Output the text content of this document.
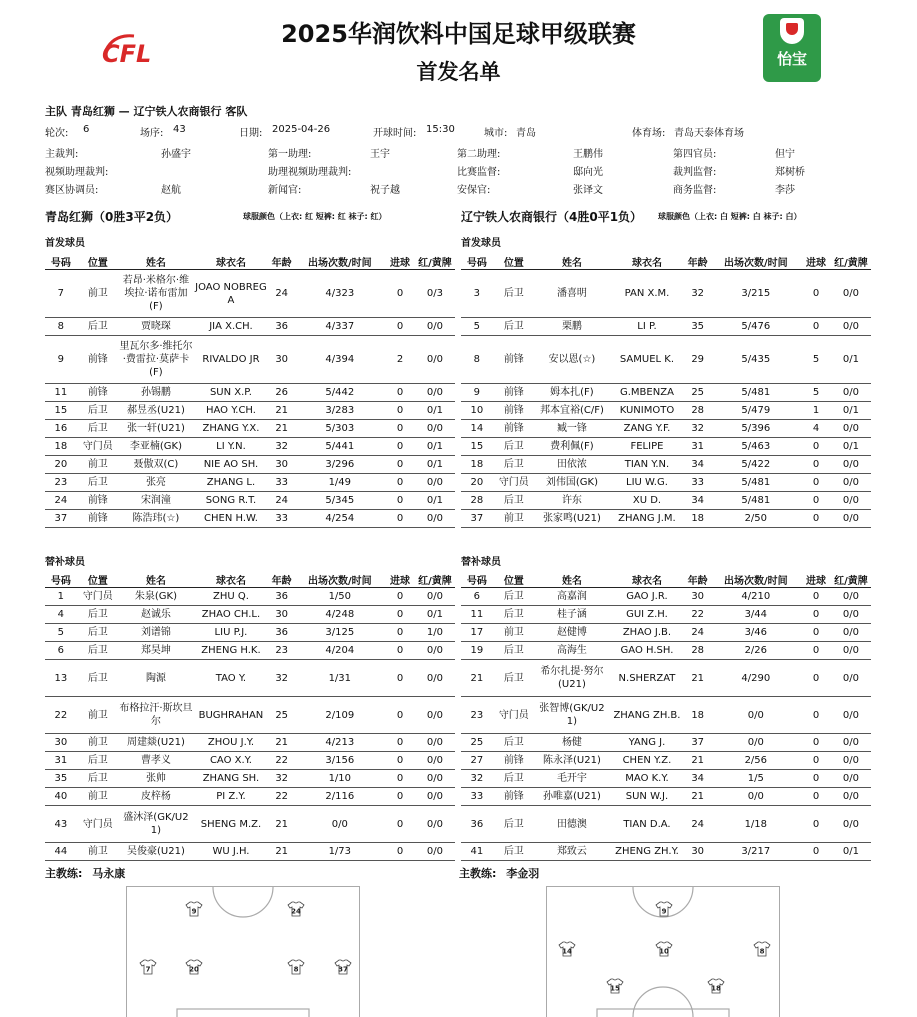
2025华润饮料中国足球甲级联赛
首发名单
CFL	怡宝
主队 青岛红狮 — 辽宁铁人农商银行 客队
轮次: 6	场序: 43	日期: 2025-04-26	开球时间: 15:30	城市: 青岛	体育场: 青岛天泰体育场
主裁判:	孙盛宇	第一助理:	王宇	第二助理:	王鹏伟	第四官员:	但宁
视频助理裁判:	助理视频助理裁判:	比赛监督:	邸向光	裁判监督:	郑树桥
赛区协调员:	赵航	新闻官:	祝子越	安保官:	张译文	商务监督:	李莎
青岛红狮（0胜3平2负）	球服颜色（上衣: 红 短裤: 红 袜子: 红）	辽宁铁人农商银行（4胜0平1负） 球服颜色（上衣: 白 短裤: 白 袜子: 白）
首发球员	首发球员
替补球员	替补球员
号码	位置	姓名	球衣名	年龄	出场次数/时间	进球	红/黄牌
7	前卫	若昂·米格尔·维埃拉·诺布雷加(F)	JOAO NOBREGA	24	4/323	0	0/3
8	后卫	贾晓琛	JIA X.CH.	36	4/337	0	0/0
9	前锋	里瓦尔多·维托尔·费雷拉·莫萨卡(F)	RIVALDO JR	30	4/394	2	0/0
11	前锋	孙锡鹏	SUN X.P.	26	5/442	0	0/0
15	后卫	郝昱丞(U21)	HAO Y.CH.	21	3/283	0	0/1
16	后卫	张一轩(U21)	ZHANG Y.X.	21	5/303	0	0/0
18	守门员	李亚楠(GK)	LI Y.N.	32	5/441	0	0/1
20	前卫	聂傲双(C)	NIE AO SH.	30	3/296	0	0/1
23	后卫	张亮	ZHANG L.	33	1/49	0	0/0
24	前锋	宋润潼	SONG R.T.	24	5/345	0	0/1
37	前锋	陈浩玮(☆)	CHEN H.W.	33	4/254	0	0/0
号码	位置	姓名	球衣名	年龄	出场次数/时间	进球	红/黄牌
3	后卫	潘喜明	PAN X.M.	32	3/215	0	0/0
5	后卫	栗鹏	LI P.	35	5/476	0	0/0
8	前锋	安以恩(☆)	SAMUEL K.	29	5/435	5	0/1
9	前锋	姆本扎(F)	G.MBENZA	25	5/481	5	0/0
10	前锋	邦本宜裕(C/F)	KUNIMOTO	28	5/479	1	0/1
14	前锋	臧一锋	ZANG Y.F.	32	5/396	4	0/0
15	后卫	费利佩(F)	FELIPE	31	5/463	0	0/1
18	后卫	田依浓	TIAN Y.N.	34	5/422	0	0/0
20	守门员	刘伟国(GK)	LIU W.G.	33	5/481	0	0/0
28	后卫	许东	XU D.	34	5/481	0	0/0
37	前卫	张家鸣(U21)	ZHANG J.M.	18	2/50	0	0/0
号码	位置	姓名	球衣名	年龄	出场次数/时间	进球	红/黄牌
1	守门员	朱泉(GK)	ZHU Q.	36	1/50	0	0/0
4	后卫	赵诚乐	ZHAO CH.L.	30	4/248	0	0/1
5	后卫	刘谱锦	LIU P.J.	36	3/125	0	1/0
6	后卫	郑昊坤	ZHENG H.K.	23	4/204	0	0/0
13	后卫	陶源	TAO Y.	32	1/31	0	0/0
22	前卫	布格拉汗·斯坎旦尔	BUGHRAHAN	25	2/109	0	0/0
30	前卫	周建燚(U21)	ZHOU J.Y.	21	4/213	0	0/0
31	后卫	曹孝义	CAO X.Y.	22	3/156	0	0/0
35	后卫	张帅	ZHANG SH.	32	1/10	0	0/0
40	前卫	皮梓杨	PI Z.Y.	22	2/116	0	0/0
43	守门员	盛沐泽(GK/U21)	SHENG M.Z.	21	0/0	0	0/0
44	前卫	吴俊豪(U21)	WU J.H.	21	1/73	0	0/0
号码	位置	姓名	球衣名	年龄	出场次数/时间	进球	红/黄牌
6	后卫	高嘉润	GAO J.R.	30	4/210	0	0/0
11	后卫	桂子涵	GUI Z.H.	22	3/44	0	0/0
17	前卫	赵健博	ZHAO J.B.	24	3/46	0	0/0
19	后卫	高海生	GAO H.SH.	28	2/26	0	0/0
21	后卫	希尔扎提·努尔(U21)	N.SHERZAT	21	4/290	0	0/0
23	守门员	张智博(GK/U21)	ZHANG ZH.B.	18	0/0	0	0/0
25	后卫	杨健	YANG J.	37	0/0	0	0/0
27	前锋	陈永泽(U21)	CHEN Y.Z.	21	2/56	0	0/0
32	后卫	毛开宇	MAO K.Y.	34	1/5	0	0/0
33	前锋	孙唯嘉(U21)	SUN W.J.	21	0/0	0	0/0
36	后卫	田德澳	TIAN D.A.	24	1/18	0	0/0
41	后卫	郑致云	ZHENG ZH.Y.	30	3/217	0	0/1
主教练: 马永康	主教练: 李金羽
9	24
7	20	8	37
9
14	10	8
15	18
